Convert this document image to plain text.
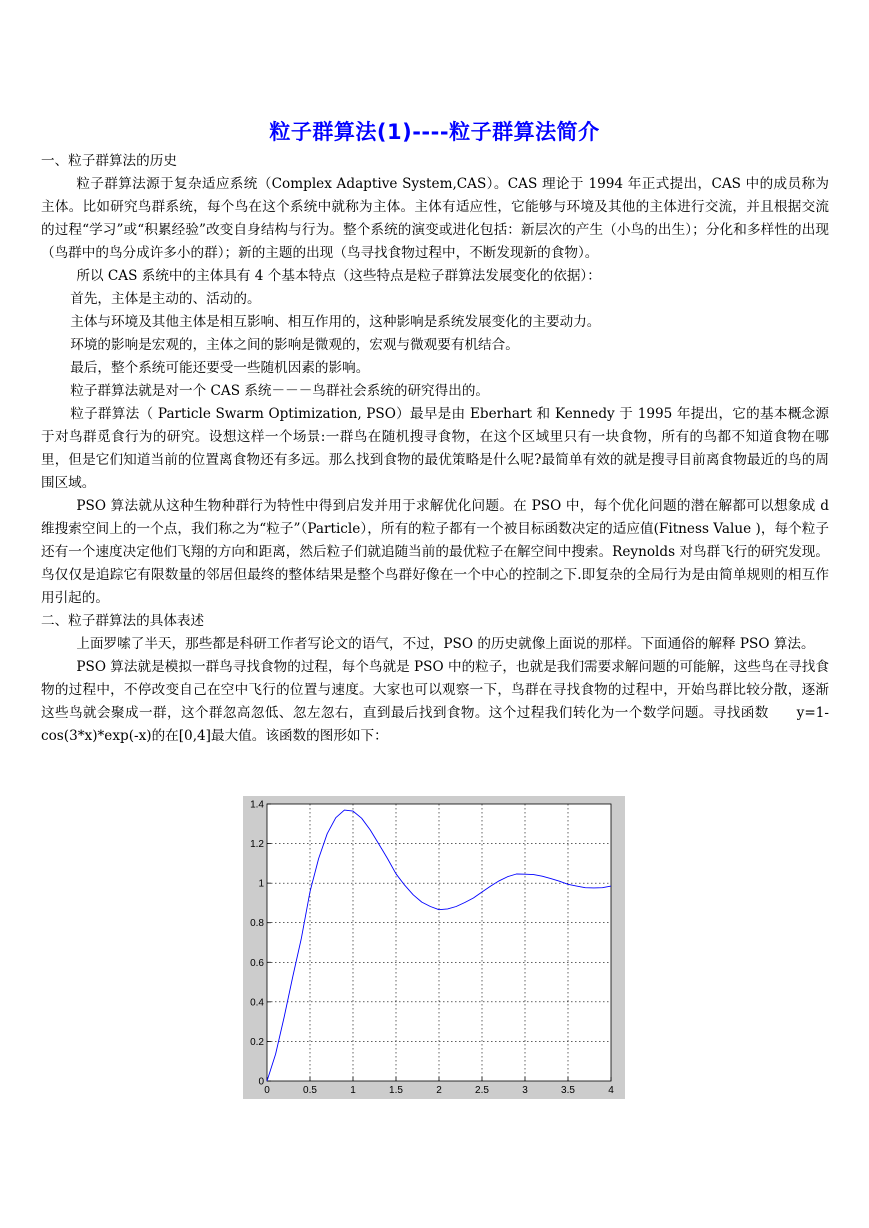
粒子群算法(1)----粒子群算法简介

一、粒子群算法的历史

粒子群算法源于复杂适应系统（Complex Adaptive System,CAS）。CAS 理论于 1994 年正式提出，CAS 中的成员称为主体。比如研究鸟群系统，每个鸟在这个系统中就称为主体。主体有适应性，它能够与环境及其他的主体进行交流，并且根据交流的过程“学习”或“积累经验”改变自身结构与行为。整个系统的演变或进化包括：新层次的产生（小鸟的出生）；分化和多样性的出现（鸟群中的鸟分成许多小的群）；新的主题的出现（鸟寻找食物过程中，不断发现新的食物）。

所以 CAS 系统中的主体具有 4 个基本特点（这些特点是粒子群算法发展变化的依据）：

首先，主体是主动的、活动的。

主体与环境及其他主体是相互影响、相互作用的，这种影响是系统发展变化的主要动力。

环境的影响是宏观的，主体之间的影响是微观的，宏观与微观要有机结合。

最后，整个系统可能还要受一些随机因素的影响。

粒子群算法就是对一个 CAS 系统－－－鸟群社会系统的研究得出的。

粒子群算法（ Particle Swarm Optimization, PSO）最早是由 Eberhart 和 Kennedy 于 1995 年提出，它的基本概念源于对鸟群觅食行为的研究。设想这样一个场景:一群鸟在随机搜寻食物，在这个区域里只有一块食物，所有的鸟都不知道食物在哪里，但是它们知道当前的位置离食物还有多远。那么找到食物的最优策略是什么呢?最简单有效的就是搜寻目前离食物最近的鸟的周围区域。

PSO 算法就从这种生物种群行为特性中得到启发并用于求解优化问题。在 PSO 中，每个优化问题的潜在解都可以想象成 d 维搜索空间上的一个点，我们称之为“粒子”（Particle），所有的粒子都有一个被目标函数决定的适应值(Fitness Value )，每个粒子还有一个速度决定他们飞翔的方向和距离，然后粒子们就追随当前的最优粒子在解空间中搜索。Reynolds 对鸟群飞行的研究发现。鸟仅仅是追踪它有限数量的邻居但最终的整体结果是整个鸟群好像在一个中心的控制之下.即复杂的全局行为是由简单规则的相互作用引起的。

二、粒子群算法的具体表述

上面罗嗦了半天，那些都是科研工作者写论文的语气，不过，PSO 的历史就像上面说的那样。下面通俗的解释 PSO 算法。

PSO 算法就是模拟一群鸟寻找食物的过程，每个鸟就是 PSO 中的粒子，也就是我们需要求解问题的可能解，这些鸟在寻找食物的过程中，不停改变自己在空中飞行的位置与速度。大家也可以观察一下，鸟群在寻找食物的过程中，开始鸟群比较分散，逐渐这些鸟就会聚成一群，这个群忽高忽低、忽左忽右，直到最后找到食物。这个过程我们转化为一个数学问题。寻找函数　　y=1-cos(3*x)*exp(-x)的在[0,4]最大值。该函数的图形如下：

0	0.5	1	1.5	2	2.5	3	3.5	4
0
0.2
0.4
0.6
0.8
1
1.2
1.4
